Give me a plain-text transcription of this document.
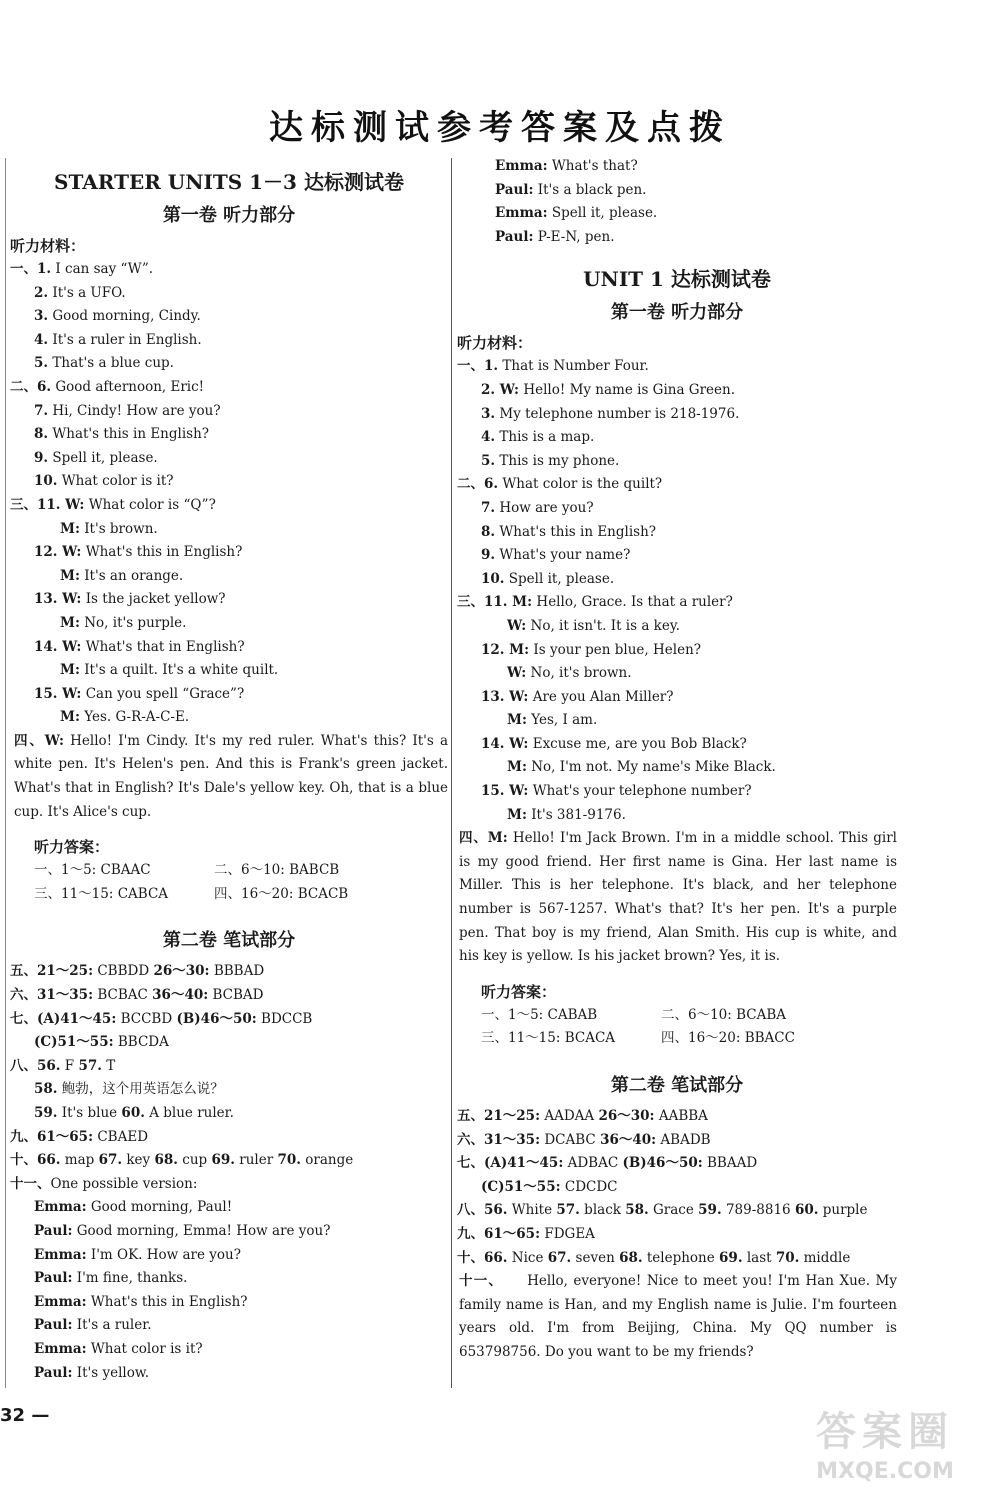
达标测试参考答案及点拨
STARTER UNITS 1－3 达标测试卷
第一卷 听力部分
听力材料：
一、1. I can say “W”.
2. It's a UFO.
3. Good morning, Cindy.
4. It's a ruler in English.
5. That's a blue cup.
二、6. Good afternoon, Eric!
7. Hi, Cindy! How are you?
8. What's this in English?
9. Spell it, please.
10. What color is it?
三、11. W: What color is “Q”?
M: It's brown.
12. W: What's this in English?
M: It's an orange.
13. W: Is the jacket yellow?
M: No, it's purple.
14. W: What's that in English?
M: It's a quilt. It's a white quilt.
15. W: Can you spell “Grace”?
M: Yes. G-R-A-C-E.
四、W: Hello! I'm Cindy. It's my red ruler. What's this? It's a white pen. It's Helen's pen. And this is Frank's green jacket. What's that in English? It's Dale's yellow key. Oh, that is a blue cup. It's Alice's cup.
听力答案：
一、1～5: CBAAC	二、6～10: BABCB
三、11～15: CABCA	四、16～20: BCACB
第二卷 笔试部分
五、21～25: CBBDD 26～30: BBBAD
六、31～35: BCBAC 36～40: BCBAD
七、(A)41～45: BCCBD (B)46～50: BDCCB
(C)51～55: BBCDA
八、56. F 57. T
58. 鲍勃，这个用英语怎么说？
59. It's blue 60. A blue ruler.
九、61～65: CBAED
十、66. map 67. key 68. cup 69. ruler 70. orange
十一、One possible version:
Emma: Good morning, Paul!
Paul: Good morning, Emma! How are you?
Emma: I'm OK. How are you?
Paul: I'm fine, thanks.
Emma: What's this in English?
Paul: It's a ruler.
Emma: What color is it?
Paul: It's yellow.
Emma: What's that?
Paul: It's a black pen.
Emma: Spell it, please.
Paul: P-E-N, pen.
UNIT 1 达标测试卷
第一卷 听力部分
听力材料：
一、1. That is Number Four.
2. W: Hello! My name is Gina Green.
3. My telephone number is 218-1976.
4. This is a map.
5. This is my phone.
二、6. What color is the quilt?
7. How are you?
8. What's this in English?
9. What's your name?
10. Spell it, please.
三、11. M: Hello, Grace. Is that a ruler?
W: No, it isn't. It is a key.
12. M: Is your pen blue, Helen?
W: No, it's brown.
13. W: Are you Alan Miller?
M: Yes, I am.
14. W: Excuse me, are you Bob Black?
M: No, I'm not. My name's Mike Black.
15. W: What's your telephone number?
M: It's 381-9176.
四、M: Hello! I'm Jack Brown. I'm in a middle school. This girl is my good friend. Her first name is Gina. Her last name is Miller. This is her telephone. It's black, and her telephone number is 567-1257. What's that? It's her pen. It's a purple pen. That boy is my friend, Alan Smith. His cup is white, and his key is yellow. Is his jacket brown? Yes, it is.
听力答案：
一、1～5: CABAB	二、6～10: BCABA
三、11～15: BCACA	四、16～20: BBACC
第二卷 笔试部分
五、21～25: AADAA 26～30: AABBA
六、31～35: DCABC 36～40: ABADB
七、(A)41～45: ADBAC (B)46～50: BBAAD
(C)51～55: CDCDC
八、56. White 57. black 58. Grace 59. 789-8816 60. purple
九、61～65: FDGEA
十、66. Nice 67. seven 68. telephone 69. last 70. middle
十一、 Hello, everyone! Nice to meet you! I'm Han Xue. My family name is Han, and my English name is Julie. I'm fourteen years old. I'm from Beijing, China. My QQ number is 653798756. Do you want to be my friends?
32 —	答案圈
MXQE.COM
